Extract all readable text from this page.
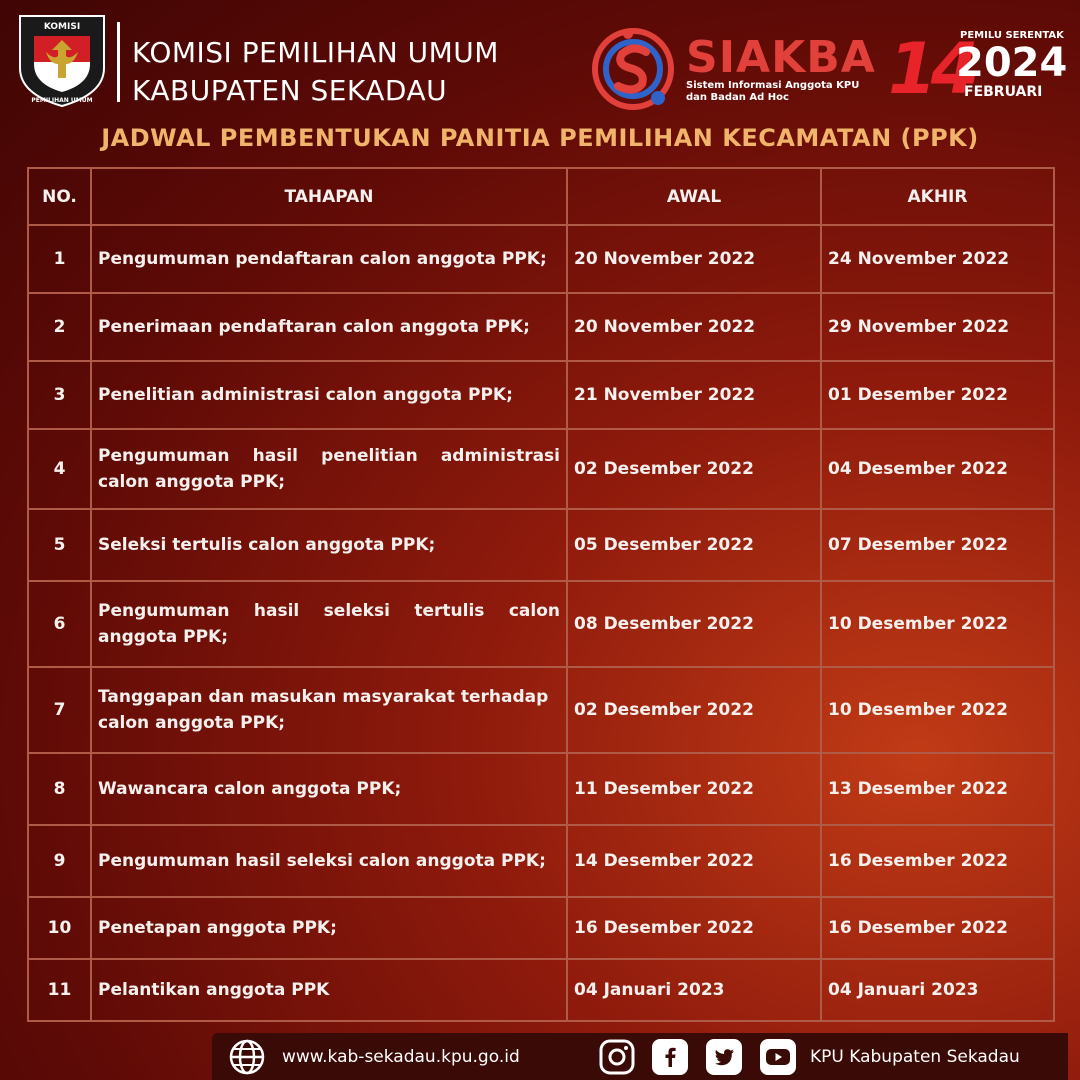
KOMISI
PEMILIHAN UMUM
KOMISI PEMILIHAN UMUM
KABUPATEN SEKADAU
SIAKBA
Sistem Informasi Anggota KPU
dan Badan Ad Hoc	14
PEMILU SERENTAK
2024
FEBRUARI
JADWAL PEMBENTUKAN PANITIA PEMILIHAN KECAMATAN (PPK)
NO.	TAHAPAN	AWAL	AKHIR
1	Pengumuman pendaftaran calon anggota PPK;	20 November 2022	24 November 2022
2	Penerimaan pendaftaran calon anggota PPK;	20 November 2022	29 November 2022
3	Penelitian administrasi calon anggota PPK;	21 November 2022	01 Desember 2022
4	Pengumuman hasil penelitian administrasi calon anggota PPK;	02 Desember 2022	04 Desember 2022
5	Seleksi tertulis calon anggota PPK;	05 Desember 2022	07 Desember 2022
6	Pengumuman hasil seleksi tertulis calon anggota PPK;	08 Desember 2022	10 Desember 2022
7	Tanggapan dan masukan masyarakat terhadap calon anggota PPK;	02 Desember 2022	10 Desember 2022
8	Wawancara calon anggota PPK;	11 Desember 2022	13 Desember 2022
9	Pengumuman hasil seleksi calon anggota PPK;	14 Desember 2022	16 Desember 2022
10	Penetapan anggota PPK;	16 Desember 2022	16 Desember 2022
11	Pelantikan anggota PPK	04 Januari 2023	04 Januari 2023
www.kab-sekadau.kpu.go.id	KPU Kabupaten Sekadau
